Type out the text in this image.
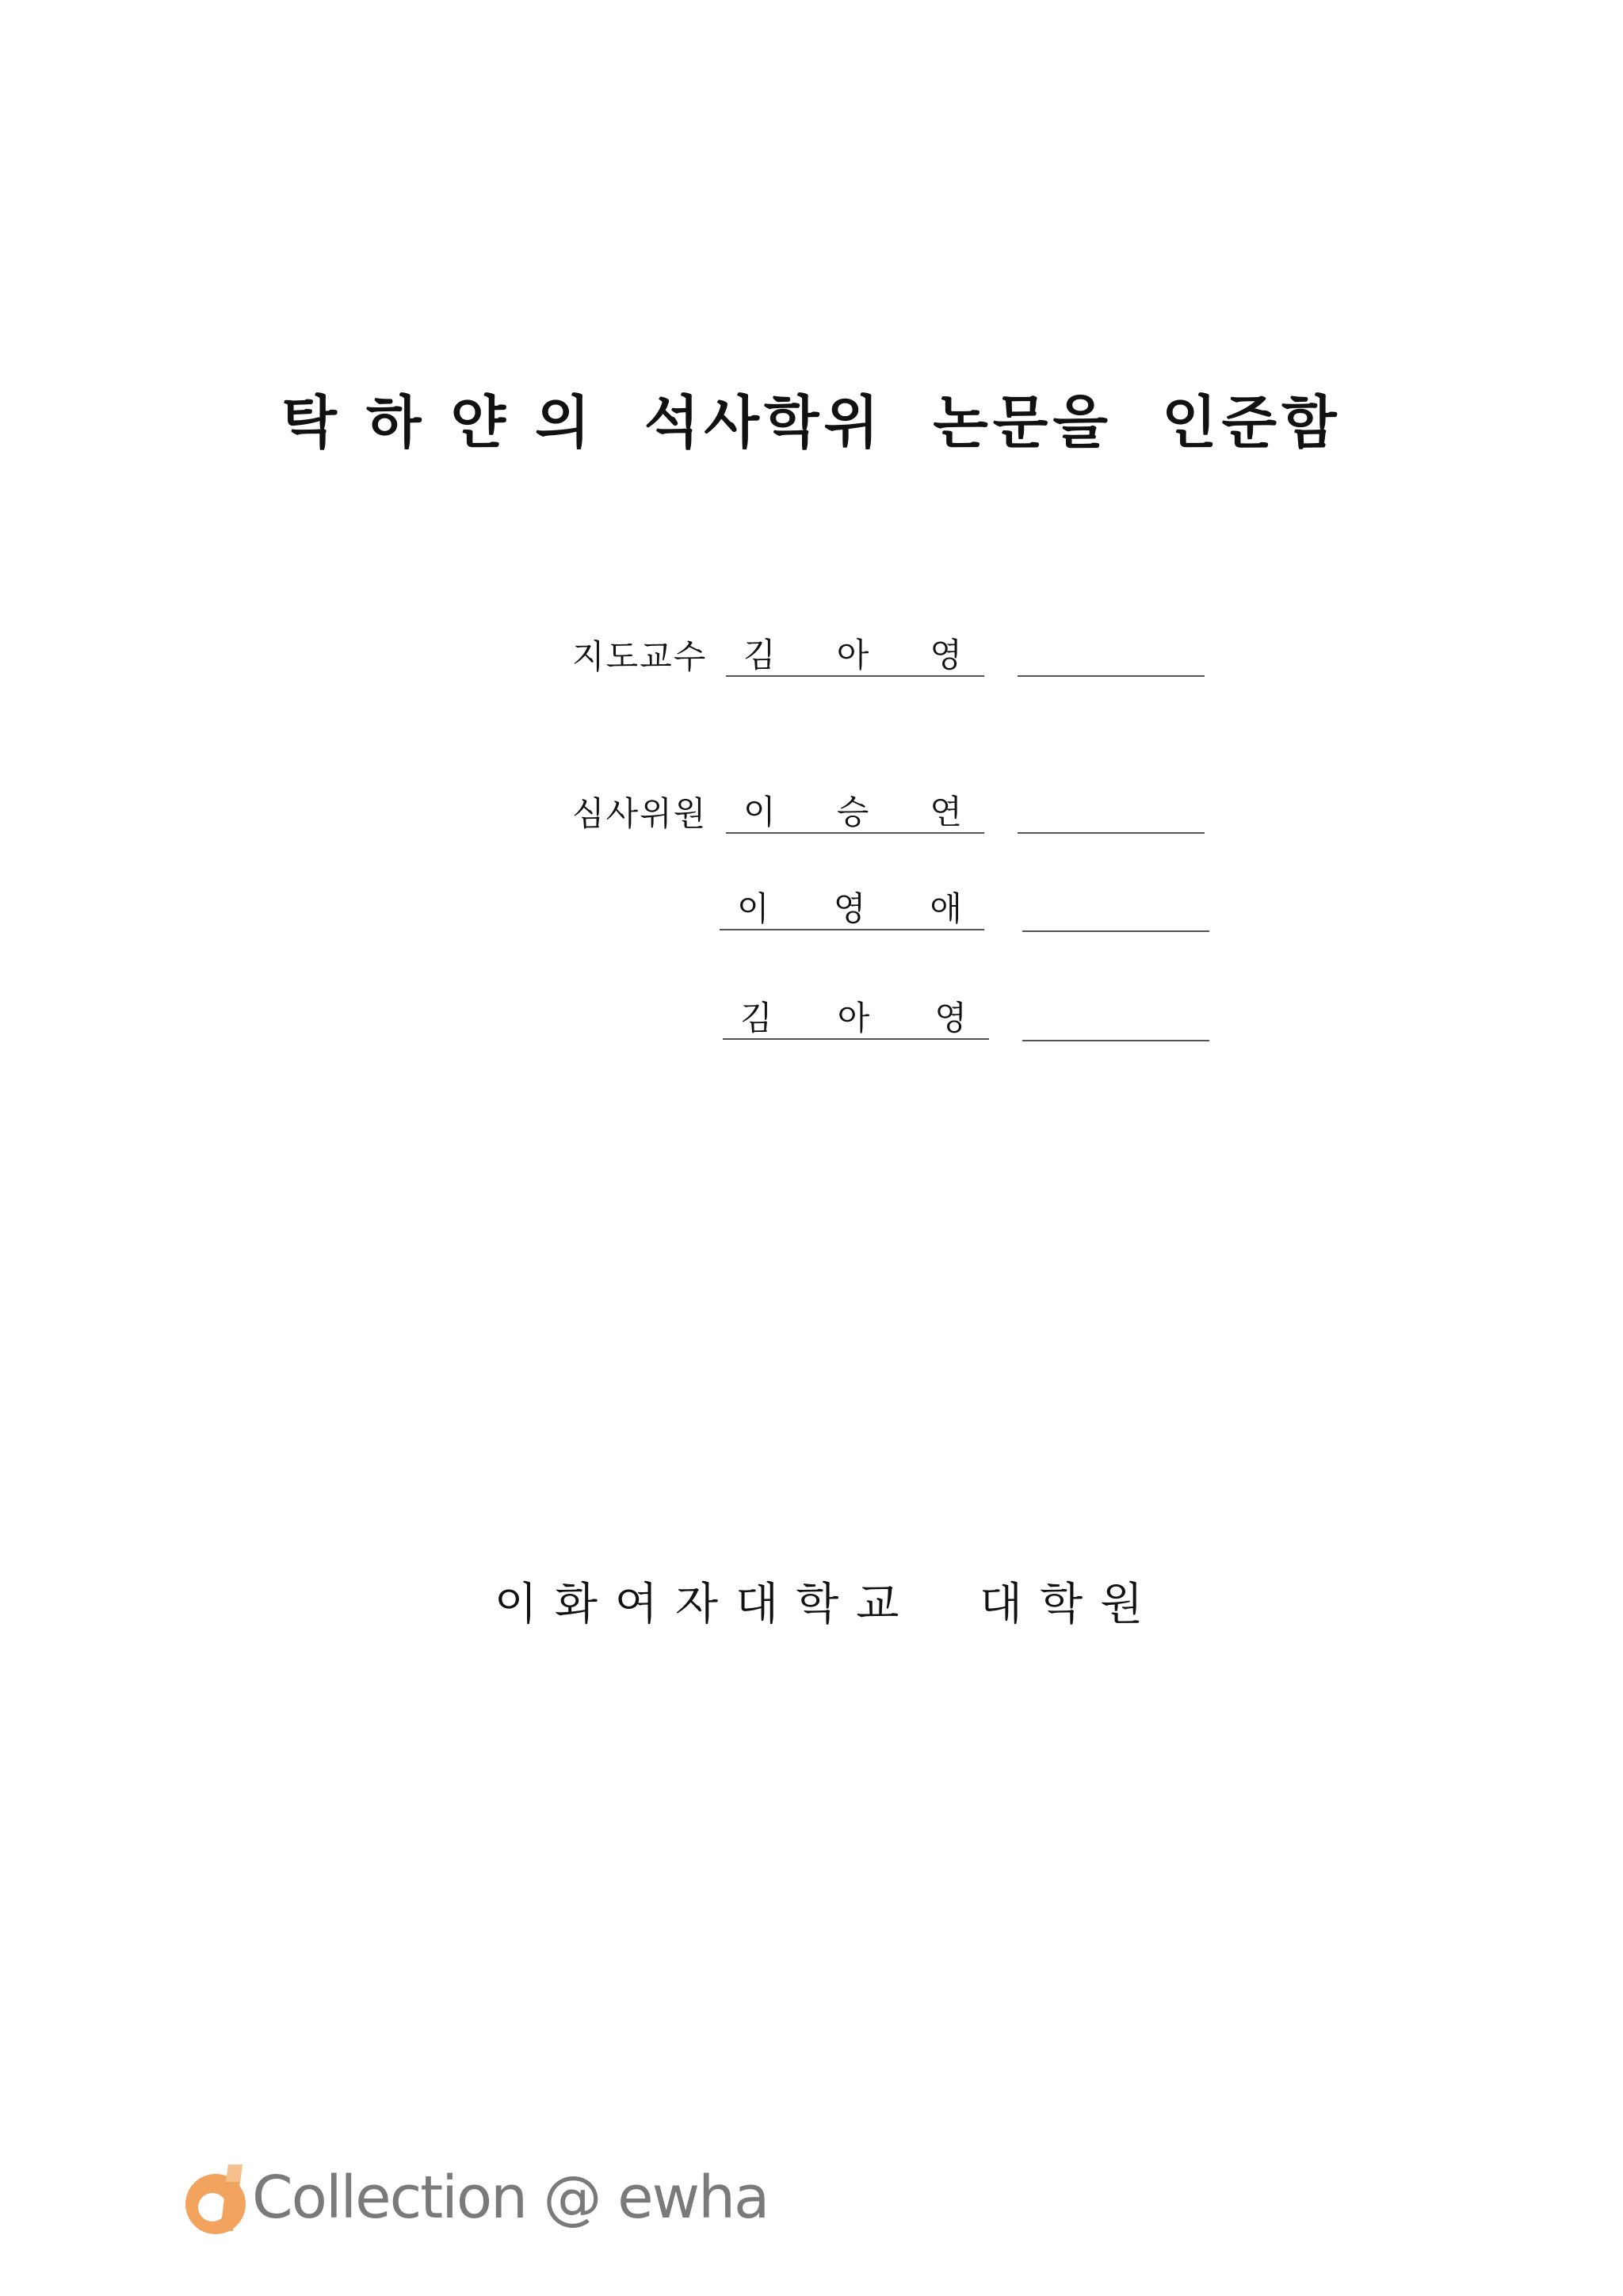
탁 하 얀 의  석사학위  논문을  인준함
지도교수 김 아 영
심사위원 이 승 연
이 영 애
김 아 영
이화여자대학교  대학원
Collection @ ewha
